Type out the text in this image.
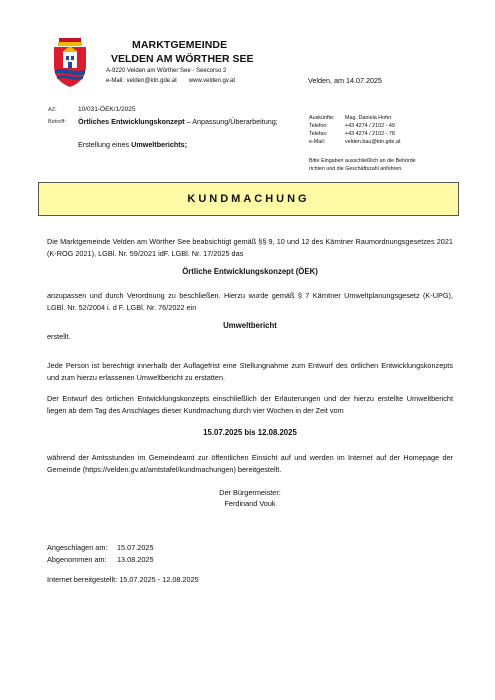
MARKTGEMEINDE
VELDEN AM WÖRTHER SEE
A-9220 Velden am Wörther See - Seecorso 2
e-Mail: velden@ktn.gde.at www.velden.gv.at	Velden, am 14.07.2025
AZ:	10/031-ÖEK/1/2025
Betreff: Örtliches Entwicklungskonzept – Anpassung/Überarbeitung;
Erstellung eines Umweltberichts;
Auskünfte:	Mag. Daniela Hofer
Telefon:	+43 4274 / 2102 - 49
Telefax:	+43 4274 / 2102 - 78
e-Mail:	velden.bau@ktn.gde.at
Bitte Eingaben ausschließlich an die Behörde
richten und die Geschäftszahl anführen.
KUNDMACHUNG
Die Marktgemeinde Velden am Wörther See beabsichtigt gemäß §§ 9, 10 und 12 des Kärntner Raumordnungsgesetzes 2021 (K-ROG 2021), LGBl. Nr. 59/2021 idF. LGBl. Nr. 17/2025 das
Örtliche Entwicklungskonzept (ÖEK)
anzupassen und durch Verordnung zu beschließen. Hierzu wurde gemäß § 7 Kärntner Umweltplanungsgesetz (K-UPG), LGBl. Nr. 52/2004 i. d F. LGBl. Nr. 76/2022 ein
Umweltbericht
erstellt.
Jede Person ist berechtigt innerhalb der Auflagefrist eine Stellungnahme zum Entwurf des örtlichen Entwicklungskonzepts und zum hierzu erlassenen Umweltbericht zu erstatten.
Der Entwurf des örtlichen Entwicklungskonzepts einschließlich der Erläuterungen und der hierzu erstellte Umweltbericht liegen ab dem Tag des Anschlages dieser Kundmachung durch vier Wochen in der Zeit vom
15.07.2025 bis 12.08.2025
während der Amtsstunden im Gemeindeamt zur öffentlichen Einsicht auf und werden im Internet auf der Homepage der Gemeinde (https://velden.gv.at/amtstafel/kundmachungen) bereitgestellt.
Der Bürgermeister:
Ferdinand Vouk
Angeschlagen am: 15.07.2025
Abgenommen am: 13.08.2025
Internet bereitgestellt: 15.07.2025 - 12.08.2025
